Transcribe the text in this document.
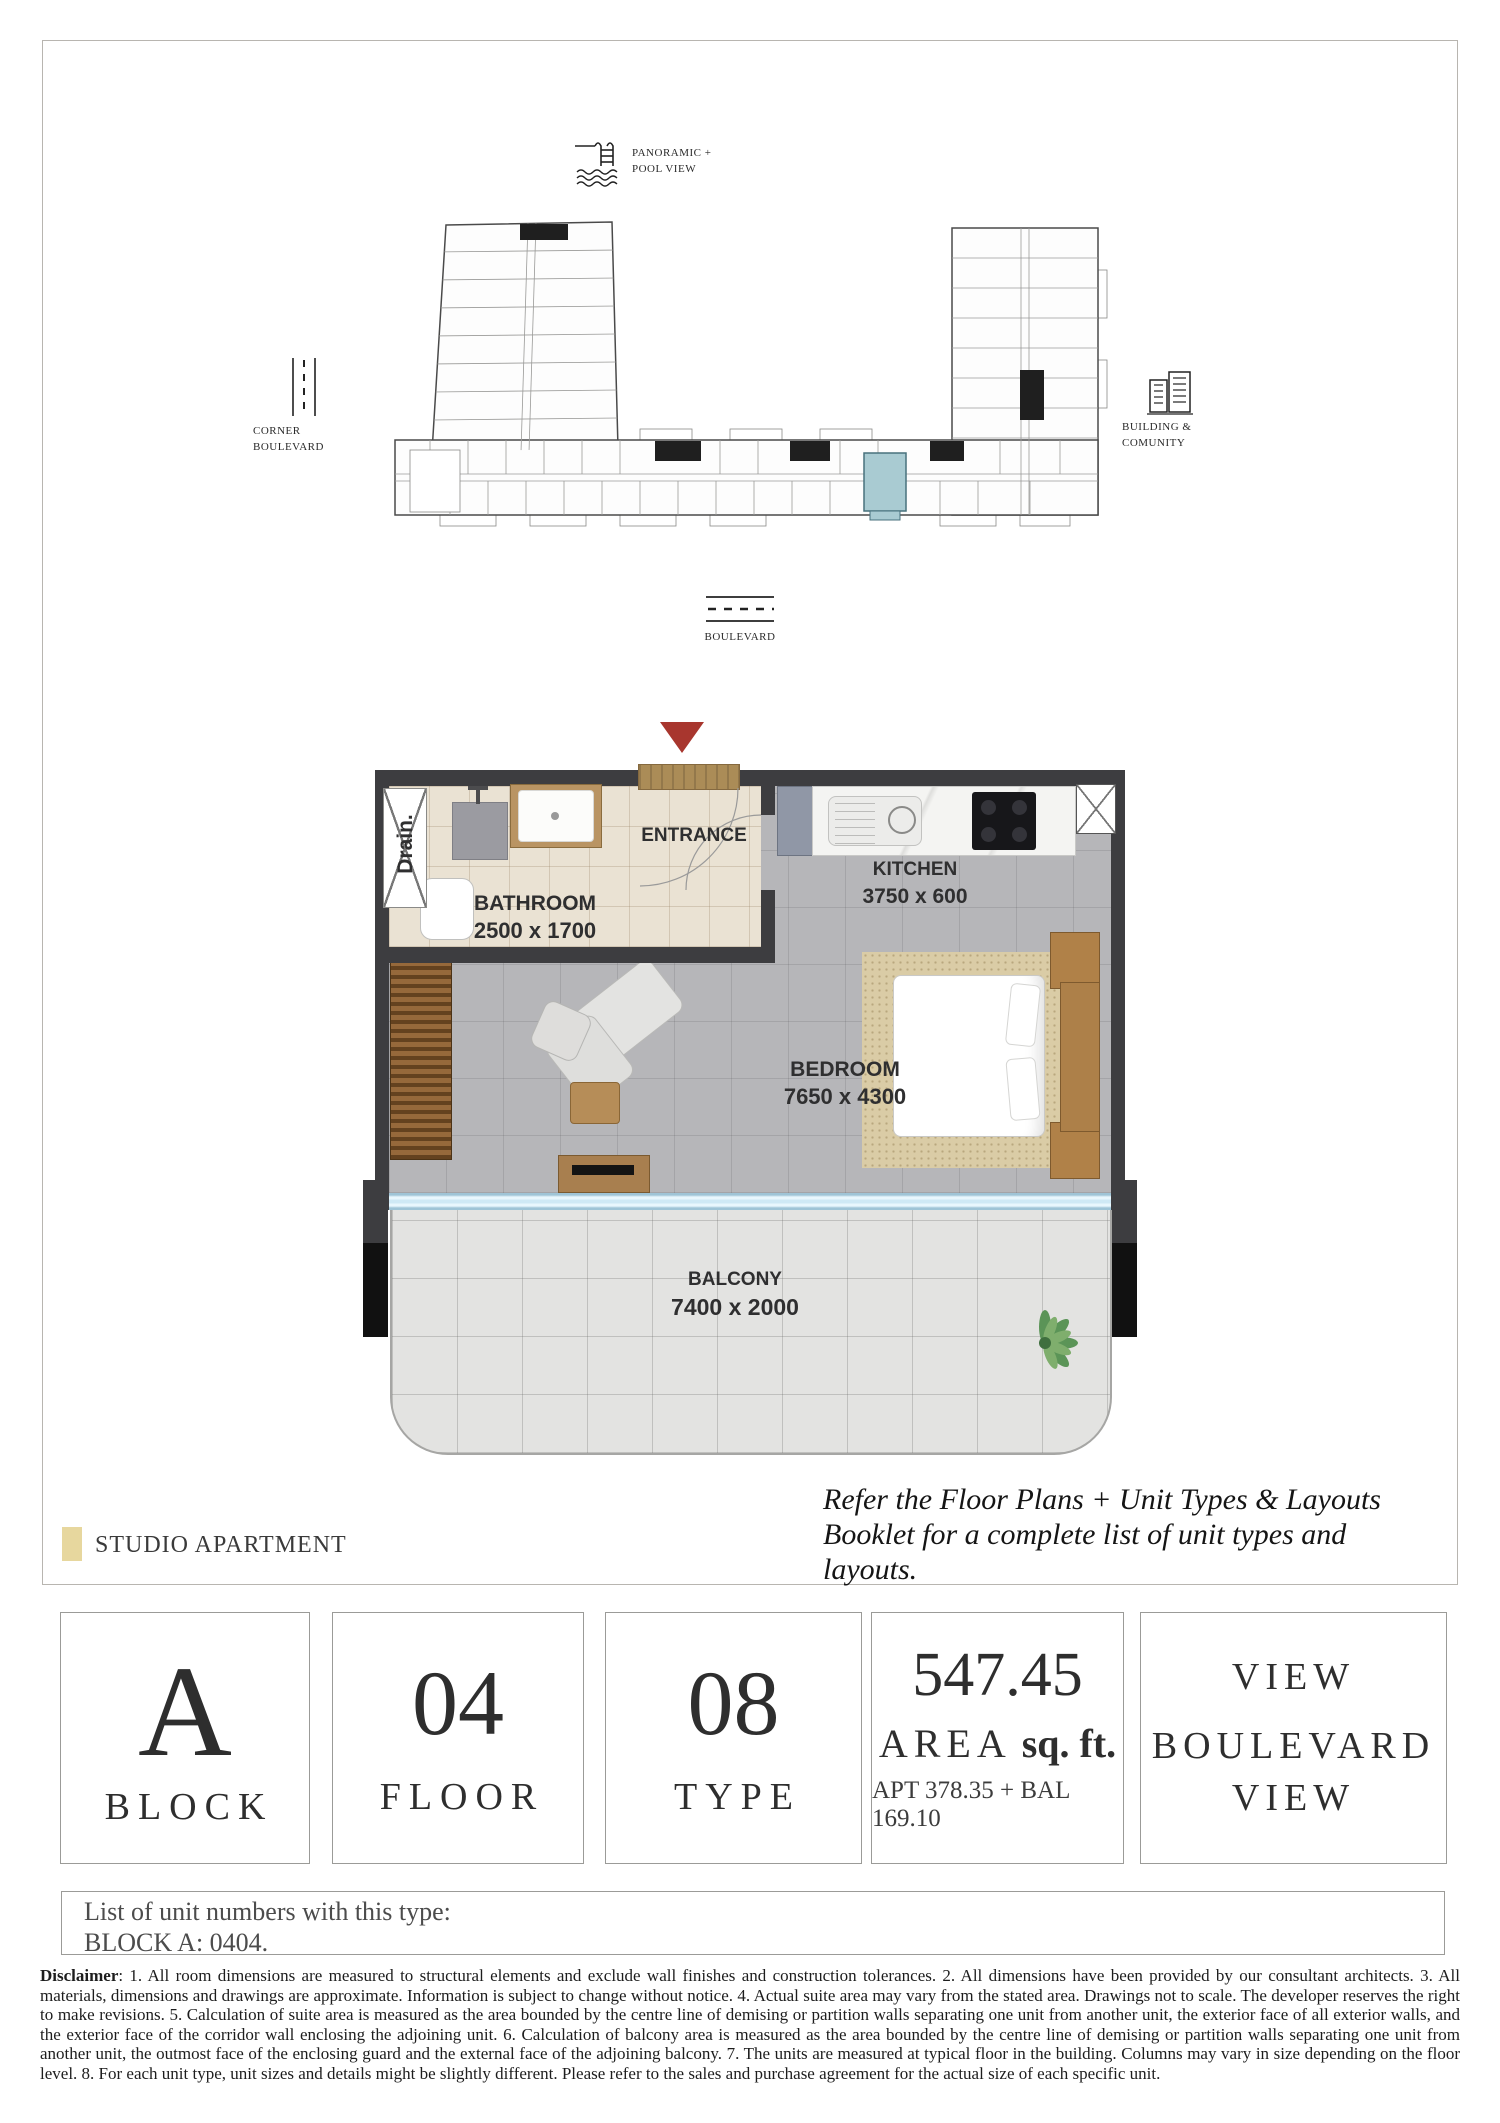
PANORAMIC +
POOL VIEW
CORNER
BOULEVARD
BUILDING &
COMUNITY
BOULEVARD
Drain.
BATHROOM
2500 x 1700
ENTRANCE
KITCHEN
3750 x 600
BEDROOM
7650 x 4300
BALCONY
7400 x 2000
STUDIO APARTMENT
Refer the Floor Plans + Unit Types & Layouts
Booklet for a complete list of unit types and
layouts.
A
BLOCK
04
FLOOR
08
TYPE
547.45
AREA sq. ft.
APT 378.35 + BAL 169.10
VIEW
BOULEVARD
VIEW
List of unit numbers with this type:
BLOCK A: 0404.
Disclaimer: 1. All room dimensions are measured to structural elements and exclude wall finishes and construction tolerances. 2. All dimensions have been provided by our consultant architects. 3. All materials, dimensions and drawings are approximate. Information is subject to change without notice. 4. Actual suite area may vary from the stated area. Drawings not to scale. The developer reserves the right to make revisions. 5. Calculation of suite area is measured as the area bounded by the centre line of demising or partition walls separating one unit from another unit, the exterior face of all exterior walls, and the exterior face of the corridor wall enclosing the adjoining unit. 6. Calculation of balcony area is measured as the area bounded by the centre line of demising or partition walls separating one unit from another unit, the outmost face of the enclosing guard and the external face of the adjoining balcony. 7. The units are measured at typical floor in the building. Columns may vary in size depending on the floor level. 8. For each unit type, unit sizes and details might be slightly different. Please refer to the sales and purchase agreement for the actual size of each specific unit.
